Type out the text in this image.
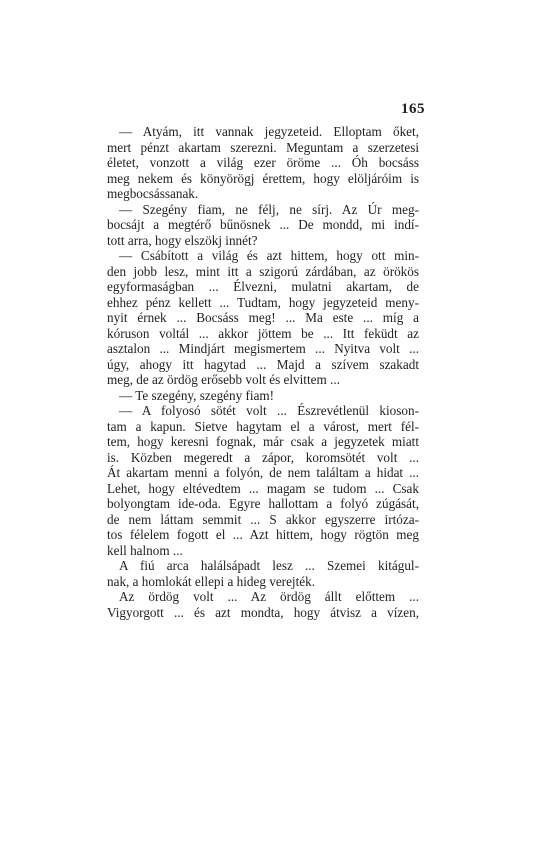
165
— Atyám, itt vannak jegyzeteid. Elloptam őket,
mert pénzt akartam szerezni. Meguntam a szerzetesi
életet, vonzott a világ ezer öröme ... Óh bocsáss
meg nekem és könyörögj érettem, hogy elöljáróim is
megbocsássanak.
— Szegény fiam, ne félj, ne sírj. Az Úr meg-
bocsájt a megtérő bűnösnek ... De mondd, mi indí-
tott arra, hogy elszökj innét?
— Csábított a világ és azt hittem, hogy ott min-
den jobb lesz, mint itt a szigorú zárdában, az örökös
egyformaságban ... Élvezni, mulatni akartam, de
ehhez pénz kellett ... Tudtam, hogy jegyzeteid meny-
nyit érnek ... Bocsáss meg! ... Ma este ... míg a
kóruson voltál ... akkor jöttem be ... Itt feküdt az
asztalon ... Mindjárt megismertem ... Nyitva volt ...
úgy, ahogy itt hagytad ... Majd a szívem szakadt
meg, de az ördög erősebb volt és elvittem ...
— Te szegény, szegény fiam!
— A folyosó sötét volt ... Észrevétlenül kioson-
tam a kapun. Sietve hagytam el a várost, mert fél-
tem, hogy keresni fognak, már csak a jegyzetek miatt
is. Közben megeredt a zápor, koromsötét volt ...
Át akartam menni a folyón, de nem találtam a hidat ...
Lehet, hogy eltévedtem ... magam se tudom ... Csak
bolyongtam ide-oda. Egyre hallottam a folyó zúgását,
de nem láttam semmit ... S akkor egyszerre irtóza-
tos félelem fogott el ... Azt hittem, hogy rögtön meg
kell halnom ...
A fiú arca halálsápadt lesz ... Szemei kitágul-
nak, a homlokát ellepi a hideg verejték.
Az ördög volt ... Az ördög állt előttem ...
Vigyorgott ... és azt mondta, hogy átvisz a vízen,
